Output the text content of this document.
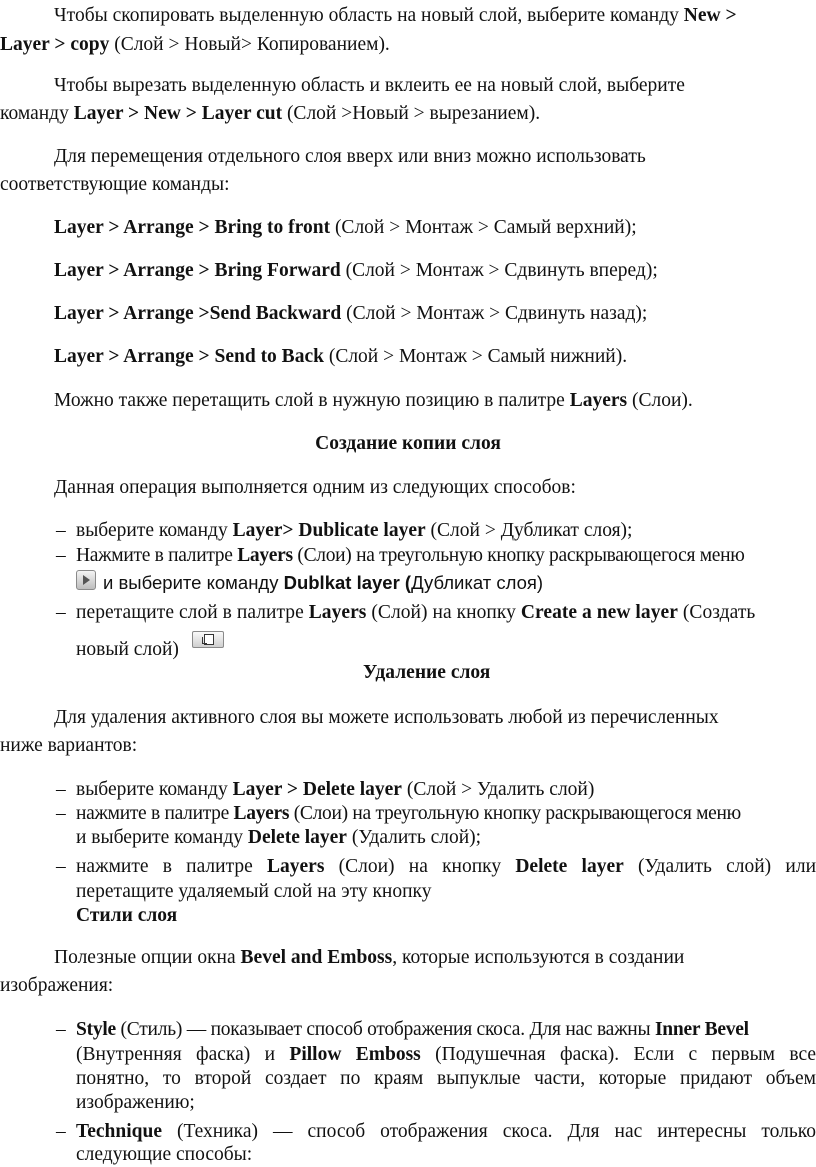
Чтобы скопировать выделенную область на новый слой, выберите команду New >
Layer > copy (Слой > Новый> Копированием).
Чтобы вырезать выделенную область и вклеить ее на новый слой, выберите
команду Layer > New > Layer cut (Слой >Новый > вырезанием).
Для перемещения отдельного слоя вверх или вниз можно использовать
соответствующие команды:
Layer > Arrange > Bring to front (Слой > Монтаж > Самый верхний);
Layer > Arrange > Bring Forward (Слой > Монтаж > Сдвинуть вперед);
Layer > Arrange >Send Backward (Слой > Монтаж > Сдвинуть назад);
Layer > Arrange > Send to Back (Слой > Монтаж > Самый нижний).
Можно также перетащить слой в нужную позицию в палитре Layers (Слои).
Создание копии слоя
Данная операция выполняется одним из следующих способов:
– выберите команду Layer> Dublicate layer (Слой > Дубликат слоя);
– Нажмите в палитре Layers (Слои) на треугольную кнопку раскрывающегося меню
и выберите команду Dublkat layer (Дубликат слоя)
– перетащите слой в палитре Layers (Слой) на кнопку Create a new layer (Создать
новый слой)
Удаление слоя
Для удаления активного слоя вы можете использовать любой из перечисленных
ниже вариантов:
– выберите команду Layer > Delete layer (Слой > Удалить слой)
– нажмите в палитре Layers (Слои) на треугольную кнопку раскрывающегося меню
и выберите команду Delete layer (Удалить слой);
– нажмите в палитре Layers (Слои) на кнопку Delete layer (Удалить слой) или
перетащите удаляемый слой на эту кнопку
Стили слоя
Полезные опции окна Bevel and Emboss, которые используются в создании
изображения:
– Style (Стиль) — показывает способ отображения скоса. Для нас важны Inner Bevel
(Внутренняя фаска) и Pillow Emboss (Подушечная фаска). Если с первым все
понятно, то второй создает по краям выпуклые части, которые придают объем
изображению;
– Technique (Техника) — способ отображения скоса. Для нас интересны только
следующие способы:
